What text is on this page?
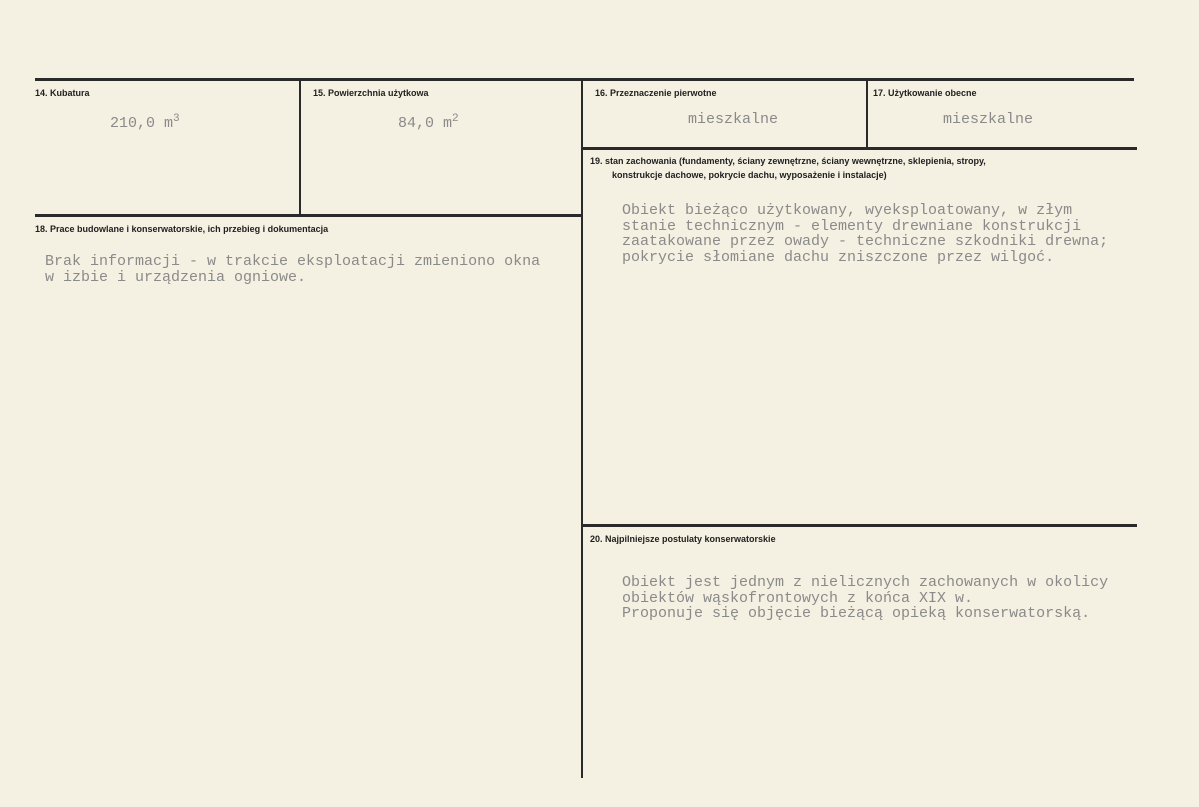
14. Kubatura
210,0 $m^3$
15. Powierzchnia użytkowa
84,0 $m^2$
16. Przeznaczenie pierwotne
mieszkalne
17. Użytkowanie obecne
mieszkalne
18. Prace budowlane i konserwatorskie, ich przebieg i dokumentacja
Brak informacji - w trakcie eksploatacji zmieniono okna
w izbie i urządzenia ogniowe.
19. stan zachowania (fundamenty, ściany zewnętrzne, ściany wewnętrzne, sklepienia, stropy,
konstrukcje dachowe, pokrycie dachu, wyposażenie i instalacje)
Obiekt bieżąco użytkowany, wyeksploatowany, w złym
stanie technicznym - elementy drewniane konstrukcji
zaatakowane przez owady - techniczne szkodniki drewna;
pokrycie słomiane dachu zniszczone przez wilgoć.
20. Najpilniejsze postulaty konserwatorskie
Obiekt jest jednym z nielicznych zachowanych w okolicy
obiektów wąskofrontowych z końca XIX w.
Proponuje się objęcie bieżącą opieką konserwatorską.
